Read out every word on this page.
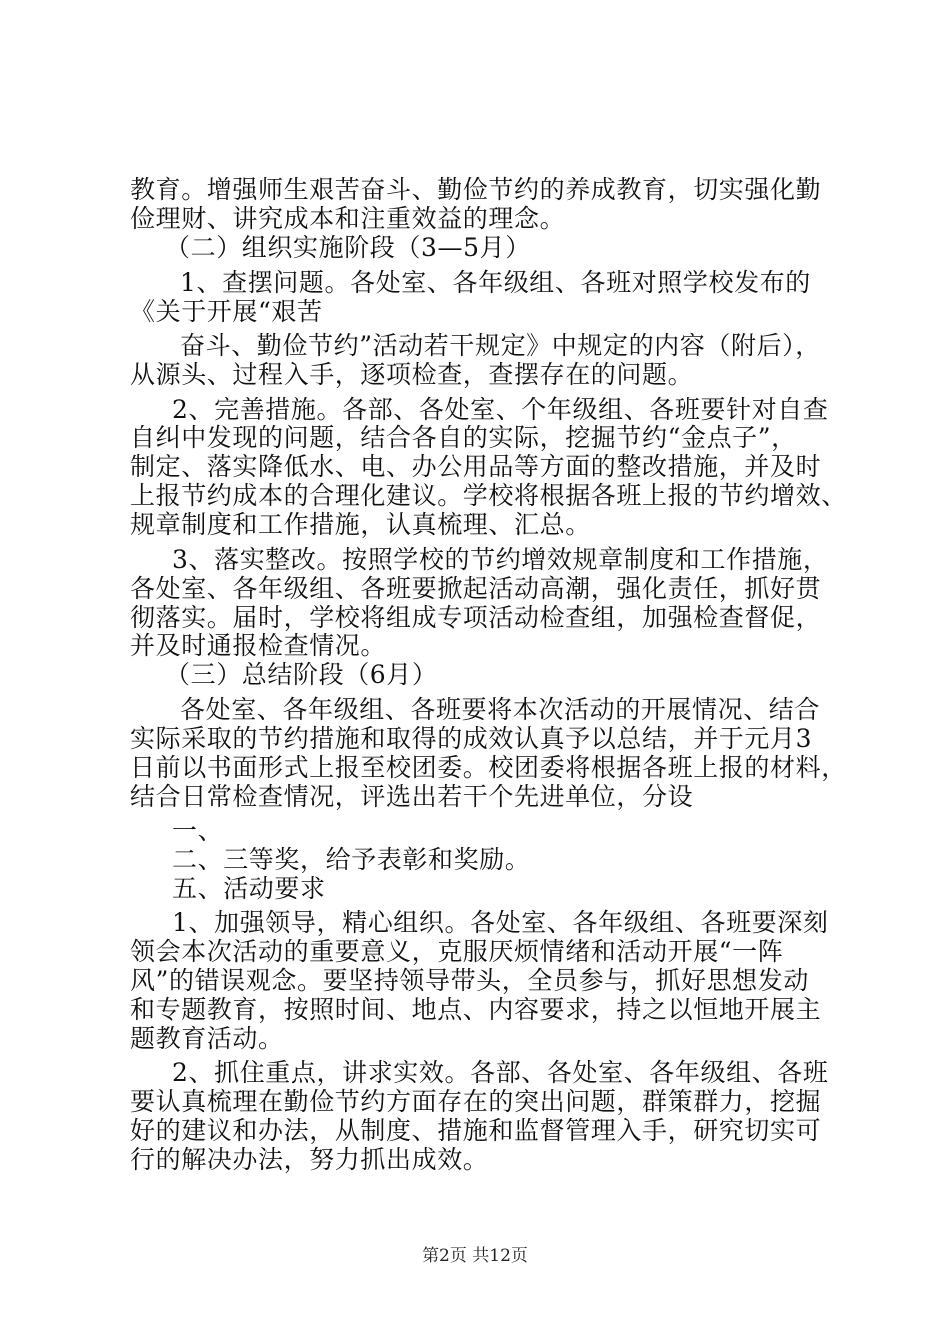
教育。增强师生艰苦奋斗、勤俭节约的养成教育，切实强化勤
俭理财、讲究成本和注重效益的理念。
（二）组织实施阶段（3—5月）
1、查摆问题。各处室、各年级组、各班对照学校发布的
《关于开展“艰苦
奋斗、勤俭节约”活动若干规定》中规定的内容（附后），
从源头、过程入手，逐项检查，查摆存在的问题。
2、完善措施。各部、各处室、个年级组、各班要针对自查
自纠中发现的问题，结合各自的实际，挖掘节约“金点子”，
制定、落实降低水、电、办公用品等方面的整改措施，并及时
上报节约成本的合理化建议。学校将根据各班上报的节约增效、
规章制度和工作措施，认真梳理、汇总。
3、落实整改。按照学校的节约增效规章制度和工作措施，
各处室、各年级组、各班要掀起活动高潮，强化责任，抓好贯
彻落实。届时，学校将组成专项活动检查组，加强检查督促，
并及时通报检查情况。
（三）总结阶段（6月）
各处室、各年级组、各班要将本次活动的开展情况、结合
实际采取的节约措施和取得的成效认真予以总结，并于元月3
日前以书面形式上报至校团委。校团委将根据各班上报的材料，
结合日常检查情况，评选出若干个先进单位，分设
一、
二、三等奖，给予表彰和奖励。
五、活动要求
1、加强领导，精心组织。各处室、各年级组、各班要深刻
领会本次活动的重要意义，克服厌烦情绪和活动开展“一阵
风”的错误观念。要坚持领导带头，全员参与，抓好思想发动
和专题教育，按照时间、地点、内容要求，持之以恒地开展主
题教育活动。
2、抓住重点，讲求实效。各部、各处室、各年级组、各班
要认真梳理在勤俭节约方面存在的突出问题，群策群力，挖掘
好的建议和办法，从制度、措施和监督管理入手，研究切实可
行的解决办法，努力抓出成效。
第2页 共12页
